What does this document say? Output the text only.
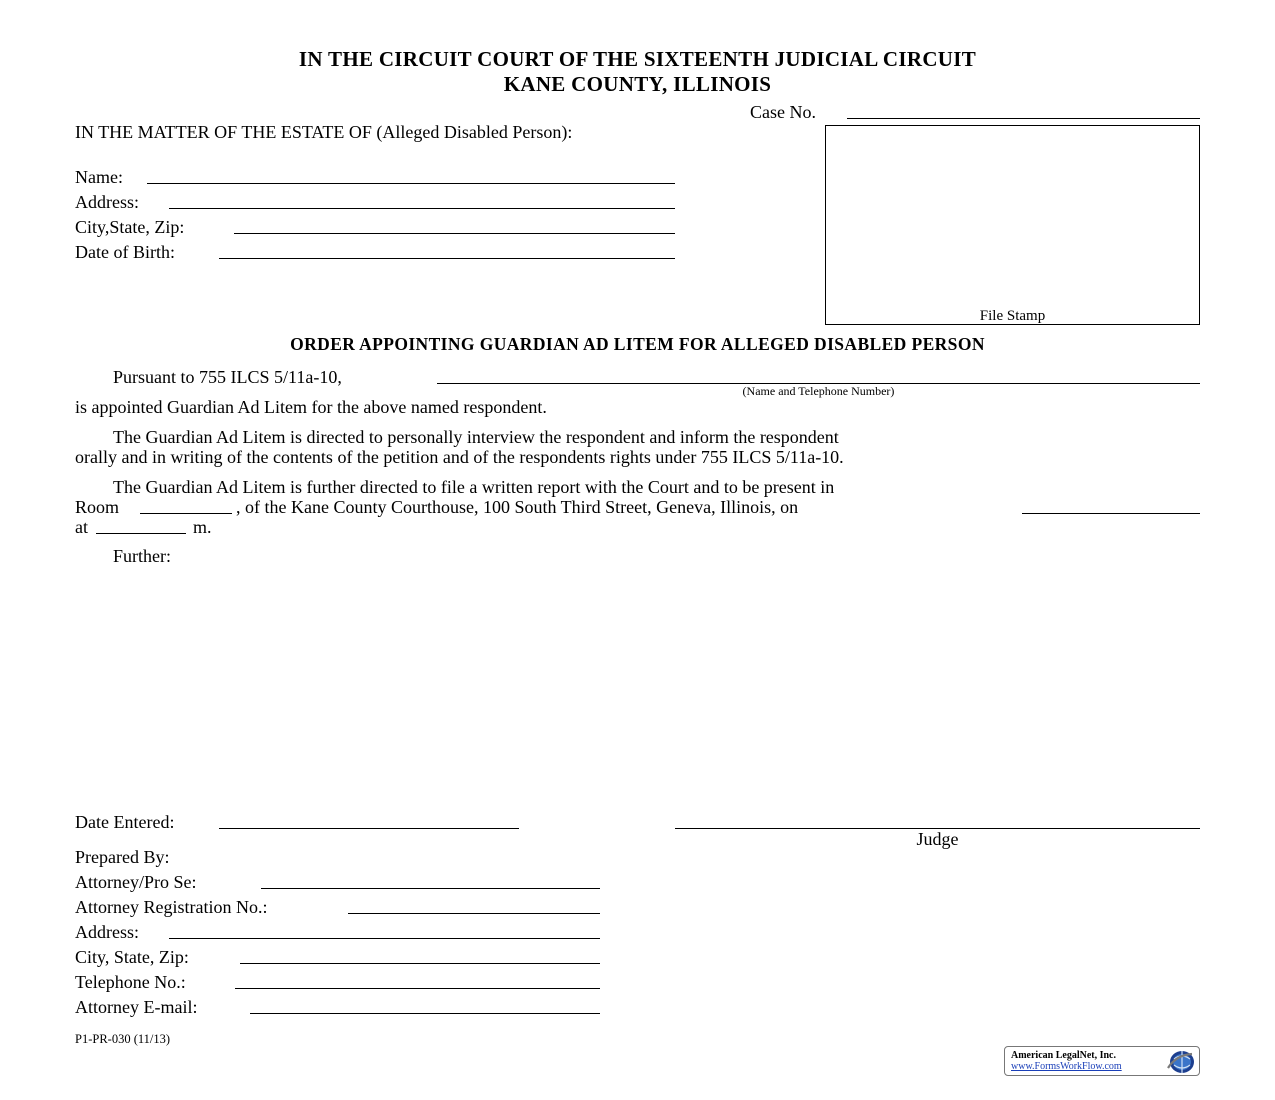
IN THE CIRCUIT COURT OF THE SIXTEENTH JUDICIAL CIRCUIT
KANE COUNTY, ILLINOIS
Case No.
IN THE MATTER OF THE ESTATE OF (Alleged Disabled Person):
Name:
Address:
City,State, Zip:
Date of Birth:
File Stamp
ORDER APPOINTING GUARDIAN AD LITEM FOR ALLEGED DISABLED PERSON
Pursuant to 755 ILCS 5/11a-10,
(Name and Telephone Number)
is appointed Guardian Ad Litem for the above named respondent.
The Guardian Ad Litem is directed to personally interview the respondent and inform the respondent
orally and in writing of the contents of the petition and of the respondents rights under 755 ILCS 5/11a-10.
The Guardian Ad Litem is further directed to file a written report with the Court and to be present in
Room	, of the Kane County Courthouse, 100 South Third Street, Geneva, Illinois, on
at	m.
Further:
Date Entered:
Judge
Prepared By:
Attorney/Pro Se:
Attorney Registration No.:
Address:
City, State, Zip:
Telephone No.:
Attorney E-mail:
P1-PR-030 (11/13)
American LegalNet, Inc.
www.FormsWorkFlow.com
